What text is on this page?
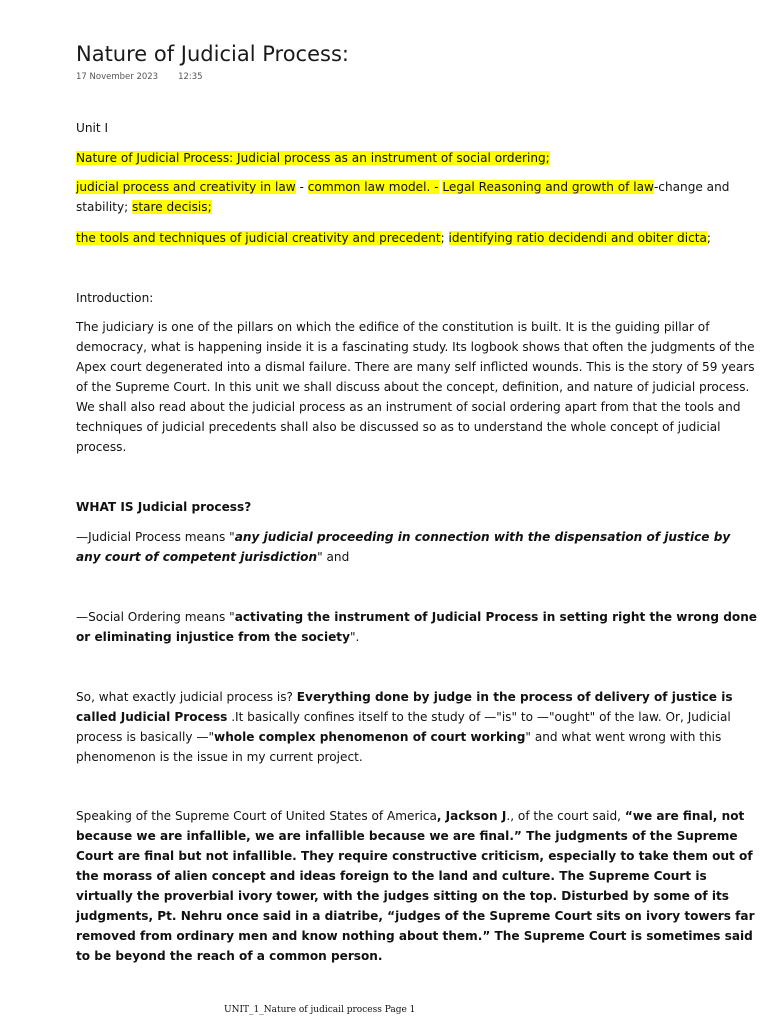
Nature of Judicial Process:
17 November 2023 12:35

Unit I

Nature of Judicial Process: Judicial process as an instrument of social ordering;

judicial process and creativity in law - common law model. - Legal Reasoning and growth of law-change and stability; stare decisis;

the tools and techniques of judicial creativity and precedent; identifying ratio decidendi and obiter dicta;

Introduction:

The judiciary is one of the pillars on which the edifice of the constitution is built. It is the guiding pillar of democracy, what is happening inside it is a fascinating study. Its logbook shows that often the judgments of the Apex court degenerated into a dismal failure. There are many self inflicted wounds. This is the story of 59 years of the Supreme Court. In this unit we shall discuss about the concept, definition, and nature of judicial process. We shall also read about the judicial process as an instrument of social ordering apart from that the tools and techniques of judicial precedents shall also be discussed so as to understand the whole concept of judicial process.

WHAT IS Judicial process?

—Judicial Process means "any judicial proceeding in connection with the dispensation of justice by any court of competent jurisdiction" and

—Social Ordering means "activating the instrument of Judicial Process in setting right the wrong done or eliminating injustice from the society".

So, what exactly judicial process is? Everything done by judge in the process of delivery of justice is called Judicial Process .It basically confines itself to the study of —"is" to —"ought" of the law. Or, Judicial process is basically —"whole complex phenomenon of court working" and what went wrong with this phenomenon is the issue in my current project.

Speaking of the Supreme Court of United States of America, Jackson J., of the court said, “we are final, not because we are infallible, we are infallible because we are final.” The judgments of the Supreme Court are final but not infallible. They require constructive criticism, especially to take them out of the morass of alien concept and ideas foreign to the land and culture. The Supreme Court is virtually the proverbial ivory tower, with the judges sitting on the top. Disturbed by some of its judgments, Pt. Nehru once said in a diatribe, “judges of the Supreme Court sits on ivory towers far removed from ordinary men and know nothing about them.” The Supreme Court is sometimes said to be beyond the reach of a common person.

UNIT_1_Nature of judicail process Page 1
